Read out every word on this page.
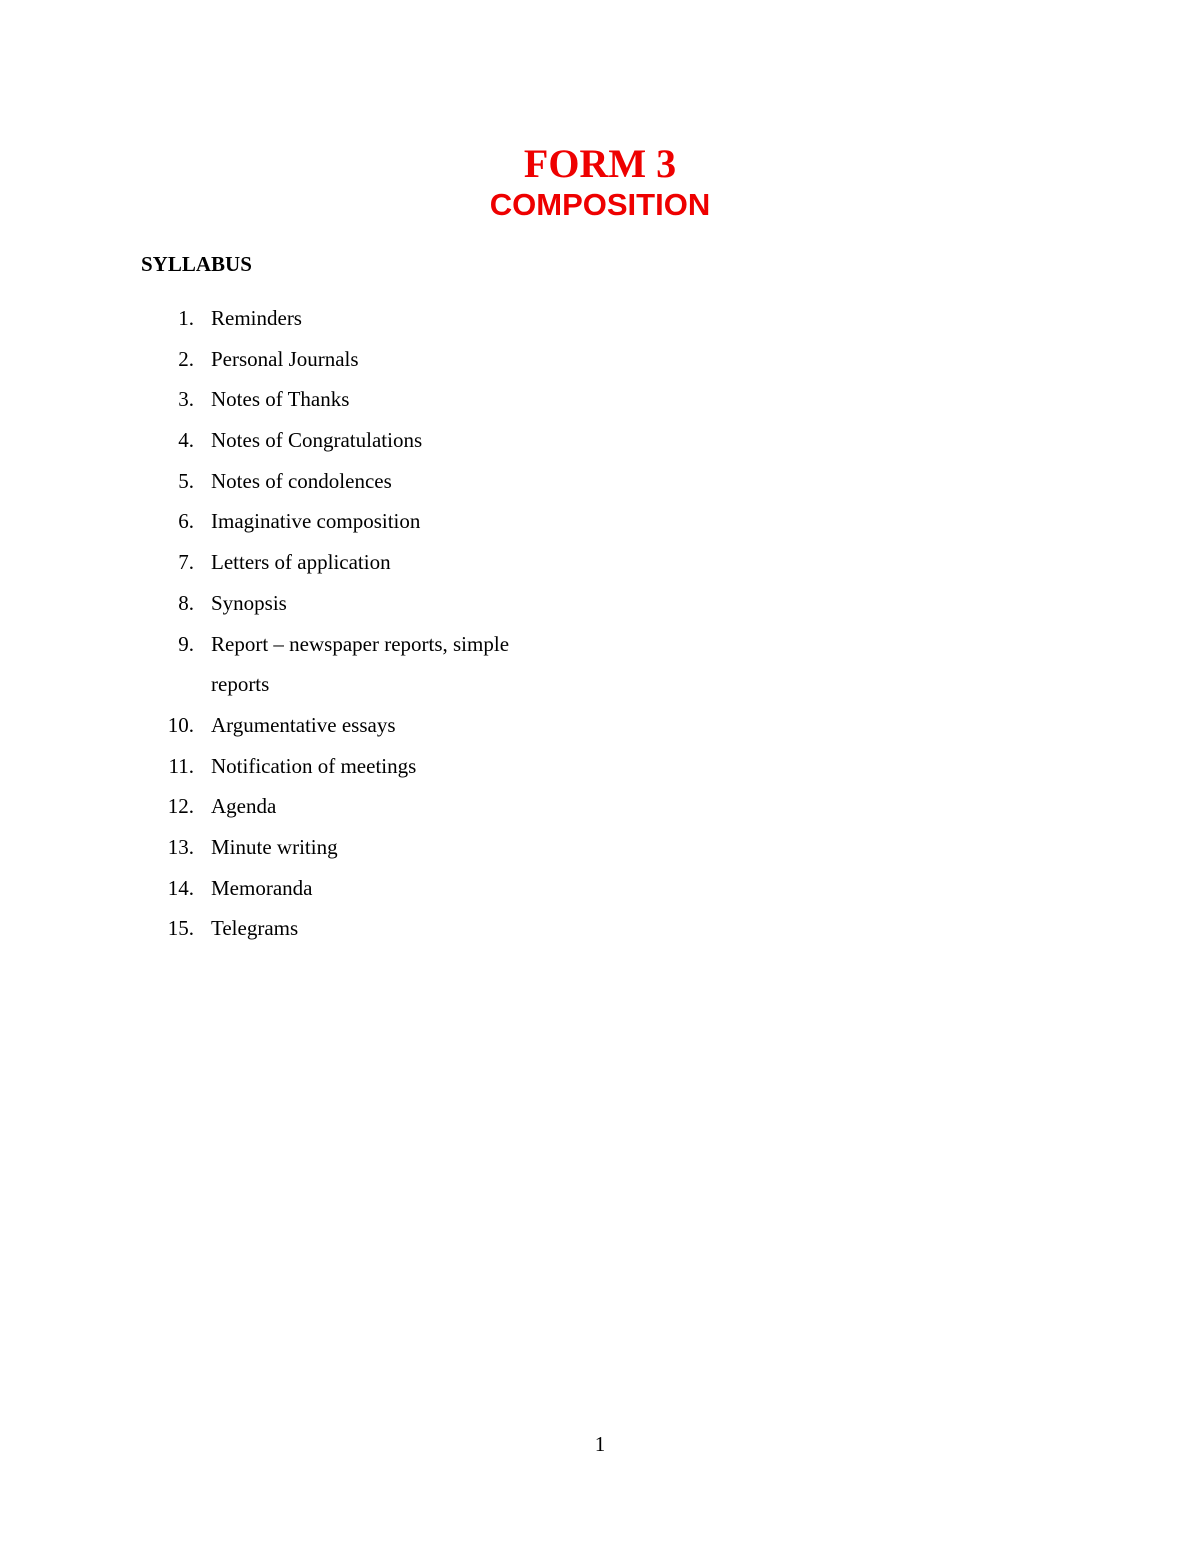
FORM 3
COMPOSITION
SYLLABUS
1. Reminders
2. Personal Journals
3. Notes of Thanks
4. Notes of Congratulations
5. Notes of condolences
6. Imaginative composition
7. Letters of application
8. Synopsis
9. Report – newspaper reports, simple reports
10. Argumentative essays
11. Notification of meetings
12. Agenda
13. Minute writing
14. Memoranda
15. Telegrams
1
